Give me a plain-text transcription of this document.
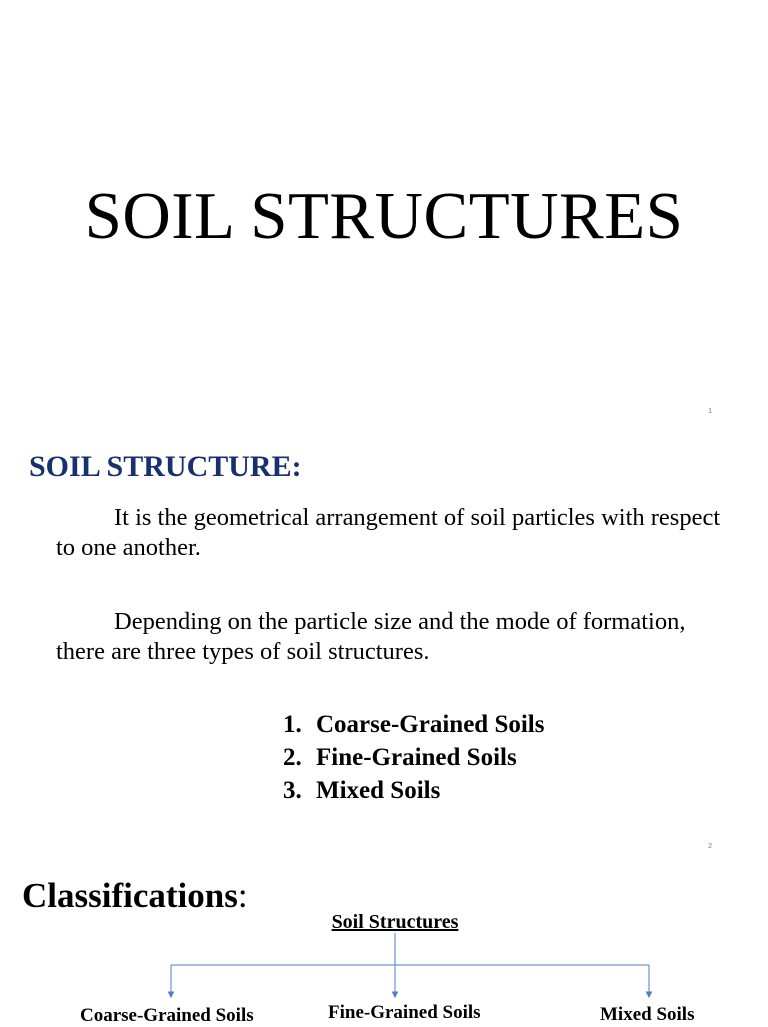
SOIL STRUCTURES
1
SOIL STRUCTURE:

It is the geometrical arrangement of soil particles with respect to one another.

Depending on the particle size and the mode of formation, there are three types of soil structures.

1. Coarse-Grained Soils
2. Fine-Grained Soils
3. Mixed Soils
2
Classifications:
Soil Structures
Coarse-Grained Soils	Fine-Grained Soils	Mixed Soils
